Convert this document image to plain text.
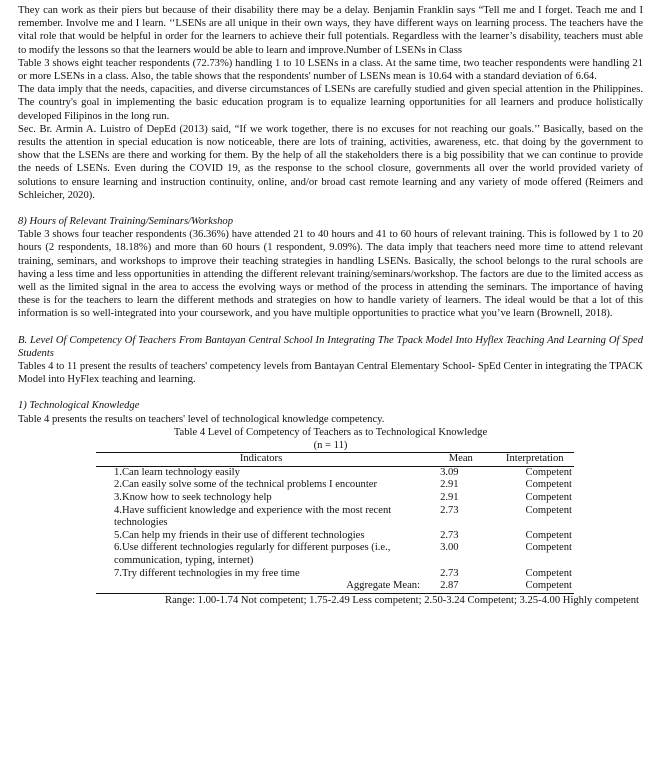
They can work as their piers but because of their disability there may be a delay. Benjamin Franklin says “Tell me and I forget. Teach me and I remember. Involve me and I learn. ‘‘LSENs are all unique in their own ways, they have different ways on learning process. The teachers have the vital role that would be helpful in order for the learners to achieve their full potentials. Regardless with the learner’s disability, teachers must able to modify the lessons so that the learners would be able to learn and improve.Number of LSENs in Class

Table 3 shows eight teacher respondents (72.73%) handling 1 to 10 LSENs in a class. At the same time, two teacher respondents were handling 21 or more LSENs in a class. Also, the table shows that the respondents' number of LSENs mean is 10.64 with a standard deviation of 6.64.

The data imply that the needs, capacities, and diverse circumstances of LSENs are carefully studied and given special attention in the Philippines. The country's goal in implementing the basic education program is to equalize learning opportunities for all learners and produce holistically developed Filipinos in the long run.

Sec. Br. Armin A. Luistro of DepEd (2013) said, “If we work together, there is no excuses for not reaching our goals.’’ Basically, based on the results the attention in special education is now noticeable, there are lots of training, activities, awareness, etc. that doing by the government to show that the LSENs are there and working for them. By the help of all the stakeholders there is a big possibility that we can continue to provide the needs of LSENs. Even during the COVID 19, as the response to the school closure, governments all over the world provided variety of solutions to ensure learning and instruction continuity, online, and/or broad cast remote learning and any variety of mode offered (Reimers and Schleicher, 2020).

8) Hours of Relevant Training/Seminars/Workshop

Table 3 shows four teacher respondents (36.36%) have attended 21 to 40 hours and 41 to 60 hours of relevant training. This is followed by 1 to 20 hours (2 respondents, 18.18%) and more than 60 hours (1 respondent, 9.09%). The data imply that teachers need more time to attend relevant training, seminars, and workshops to improve their teaching strategies in handling LSENs. Basically, the school belongs to the rural schools are having a less time and less opportunities in attending the different relevant training/seminars/workshop. The factors are due to the limited access as well as the limited signal in the area to access the evolving ways or method of the process in attending the seminars. The importance of having these is for the teachers to learn the different methods and strategies on how to handle variety of learners. The ideal would be that a lot of this information is so well-integrated into your coursework, and you have multiple opportunities to practice what you’ve learn (Brownell, 2018).

B. Level Of Competency Of Teachers From Bantayan Central School In Integrating The Tpack Model Into Hyflex Teaching And Learning Of Sped Students

Tables 4 to 11 present the results of teachers' competency levels from Bantayan Central Elementary School- SpEd Center in integrating the TPACK Model into HyFlex teaching and learning.

1) Technological Knowledge

Table 4 presents the results on teachers' level of technological knowledge competency.

Table 4 Level of Competency of Teachers as to Technological Knowledge

(n = 11)

Indicators	Mean	Interpretation
1.Can learn technology easily	3.09	Competent
2.Can easily solve some of the technical problems I encounter	2.91	Competent
3.Know how to seek technology help	2.91	Competent
4.Have sufficient knowledge and experience with the most recent technologies	2.73	Competent
5.Can help my friends in their use of different technologies	2.73	Competent
6.Use different technologies regularly for different purposes (i.e., communication, typing, internet)	3.00	Competent
7.Try different technologies in my free time	2.73	Competent
Aggregate Mean:	2.87	Competent

Range: 1.00-1.74 Not competent; 1.75-2.49 Less competent; 2.50-3.24 Competent; 3.25-4.00 Highly competent
